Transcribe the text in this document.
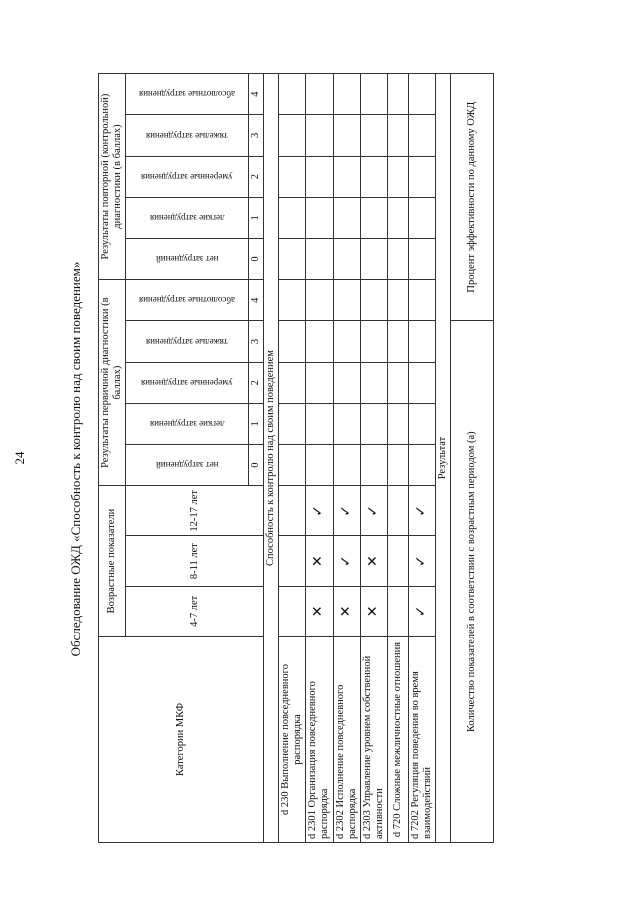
24	Обследование ОЖД «Способность к контролю над своим поведением»
Категории МКФ	Возрастные показатели			Результаты первичной диагностики (в баллах)					Результаты повторной (контрольной) диагностики (в баллах)				
	4-7 лет	8-11 лет	12-17 лет	нет затруднений	легкие затруднения	умеренные затруднения	тяжелые затруднения	абсолютные затруднения	нет затруднений	легкие затруднения	умеренные затруднения	тяжелые затруднения	абсолютные затруднения

				0	1	2	3	4	0	1	2	3	4
Способность к контролю над своим поведением													
d 230 Выполнение повседневного распорядка													
d 2301 Организация повседневного распорядка	✕	✕	✓										
d 2302 Исполнение повседневного распорядка	✕	✓	✓										
d 2303 Управление уровнем собственной активности	✕	✕	✓										
d 720 Сложные межличностные отношения													
d 7202 Регуляция поведения во время взаимодействий	✓	✓	✓										
Результат													
Количество показателей в соответствии с возрастным периодом (а)								Процент эффективности по данному ОЖД					
